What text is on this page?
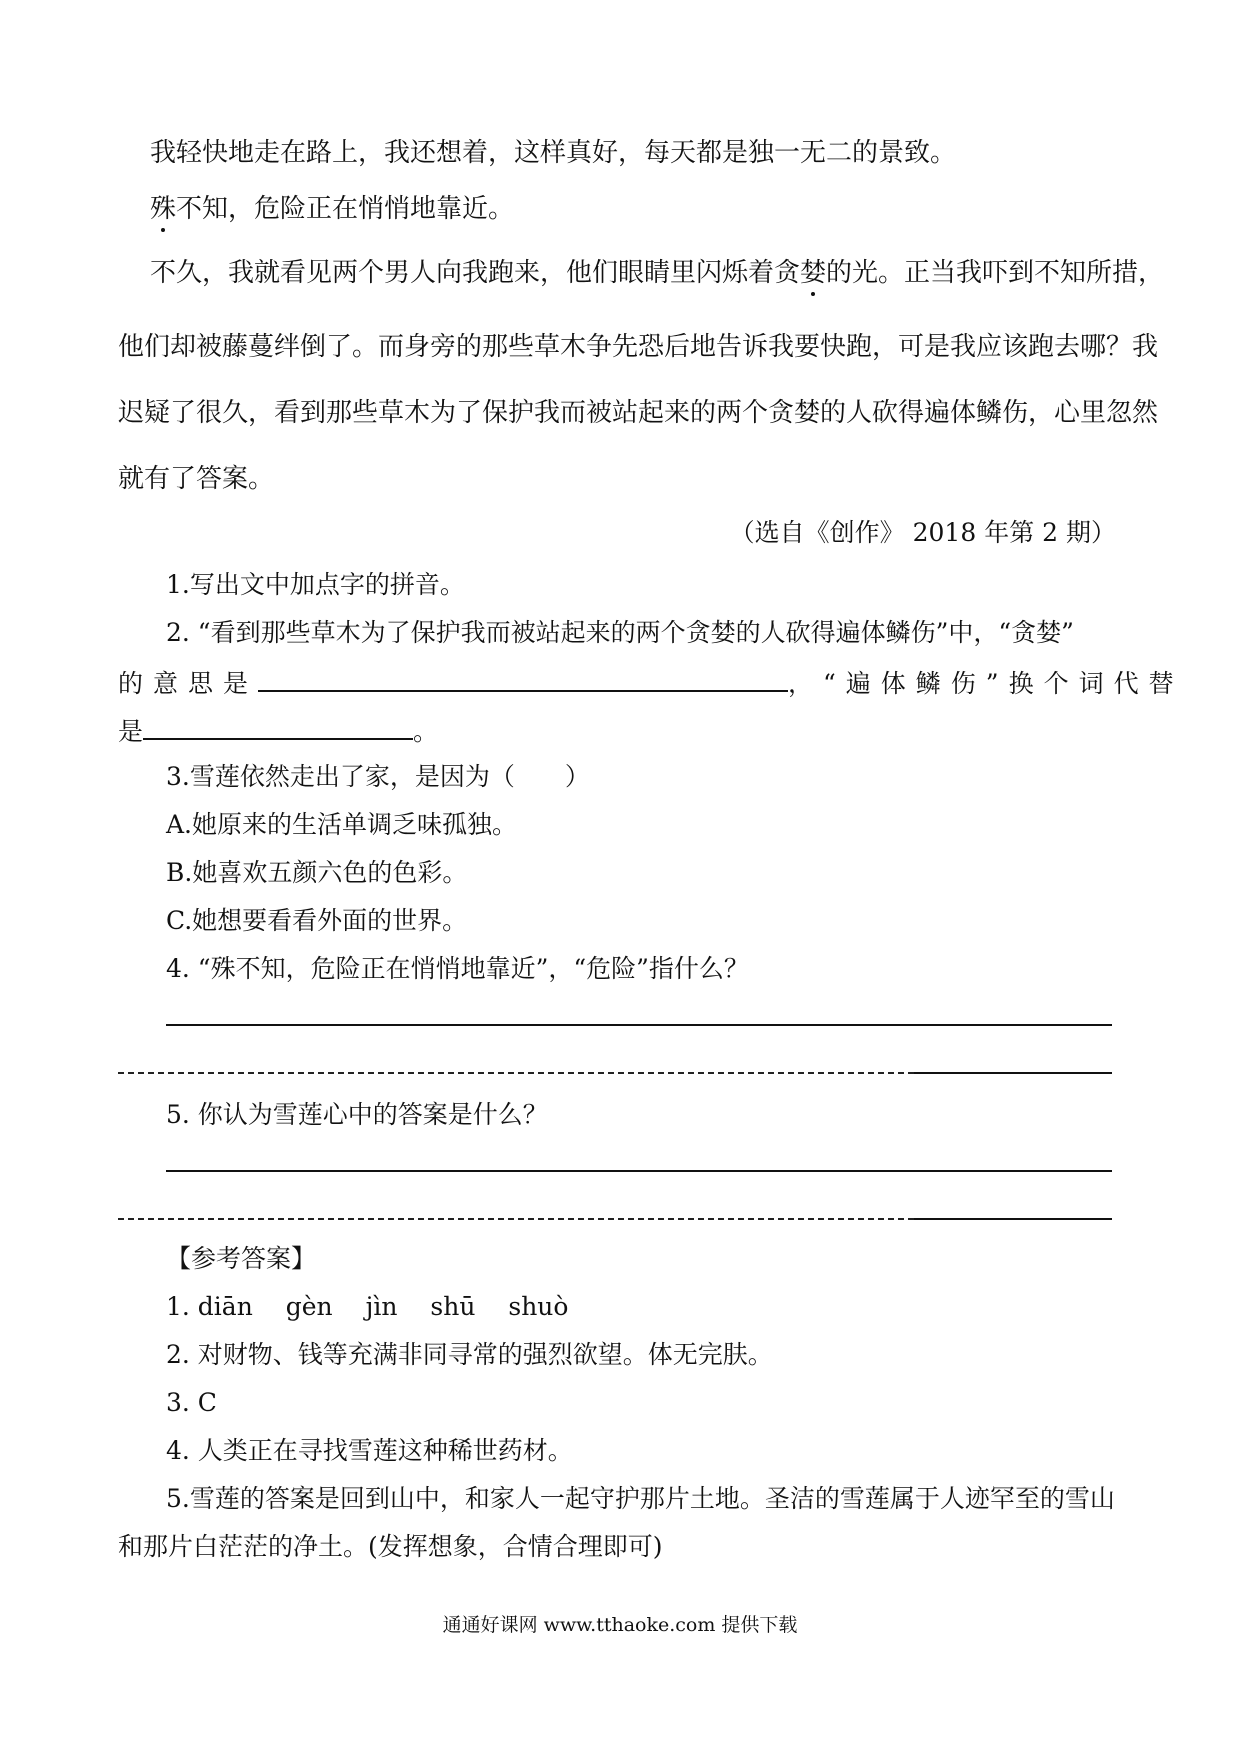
我轻快地走在路上，我还想着，这样真好，每天都是独一无二的景致。
殊不知，危险正在悄悄地靠近。
不久，我就看见两个男人向我跑来，他们眼睛里闪烁着贪婪的光。正当我吓到不知所措，
他们却被藤蔓绊倒了。而身旁的那些草木争先恐后地告诉我要快跑，可是我应该跑去哪？我
迟疑了很久，看到那些草木为了保护我而被站起来的两个贪婪的人砍得遍体鳞伤，心里忽然
就有了答案。
（选自《创作》 2018 年第 2 期）
1.写出文中加点字的拼音。
2. “看到那些草木为了保护我而被站起来的两个贪婪的人砍得遍体鳞伤”中，“贪婪”
的意思是	，“遍体鳞伤”换个词代替
是	。
3.雪莲依然走出了家，是因为（　　）
A.她原来的生活单调乏味孤独。
B.她喜欢五颜六色的色彩。
C.她想要看看外面的世界。
4. “殊不知，危险正在悄悄地靠近”，“危险”指什么？
5. 你认为雪莲心中的答案是什么？
【参考答案】
1. diān　 gèn　 jìn　 shū　 shuò
2. 对财物、钱等充满非同寻常的强烈欲望。体无完肤。
3. C
4. 人类正在寻找雪莲这种稀世药材。
5.雪莲的答案是回到山中，和家人一起守护那片土地。圣洁的雪莲属于人迹罕至的雪山
和那片白茫茫的净土。(发挥想象，合情合理即可)
通通好课网 www.tthaoke.com 提供下载
